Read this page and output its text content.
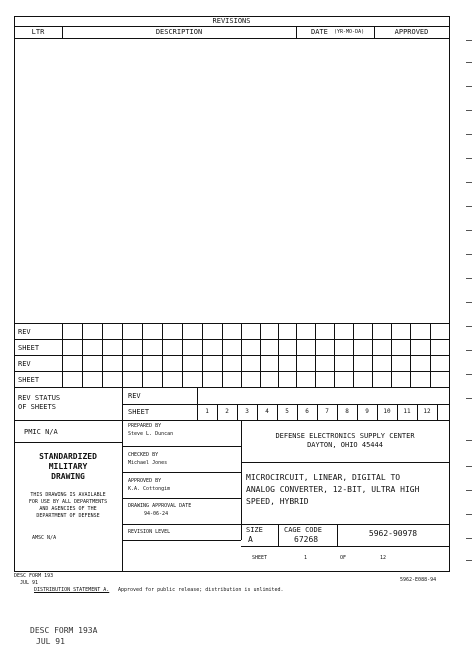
REVISIONS
LTR	DESCRIPTION	DATE (YR-MO-DA)	APPROVED
REV
SHEET
REV
SHEET
REV STATUS
OF SHEETS
REV
SHEET	1	2	3	4	5	6	7	8	9	10	11	12
PMIC N/A
STANDARDIZED
MILITARY
DRAWING
THIS DRAWING IS AVAILABLE
FOR USE BY ALL DEPARTMENTS
AND AGENCIES OF THE
DEPARTMENT OF DEFENSE
AMSC N/A
PREPARED BY
Steve L. Duncan
CHECKED BY
Michael Jones
APPROVED BY
K.A. Cottongim
DRAWING APPROVAL DATE
94-06-24
REVISION LEVEL
DEFENSE ELECTRONICS SUPPLY CENTER
DAYTON, OHIO 45444
MICROCIRCUIT, LINEAR, DIGITAL TO
ANALOG CONVERTER, 12-BIT, ULTRA HIGH
SPEED, HYBRID
SIZE
A
CAGE CODE
67268
5962-90978
SHEET	1	OF	12
DESC FORM 193
JUL 91
DISTRIBUTION STATEMENT A. Approved for public release; distribution is unlimited.
5962-E088-94
DESC FORM 193A
JUL 91
